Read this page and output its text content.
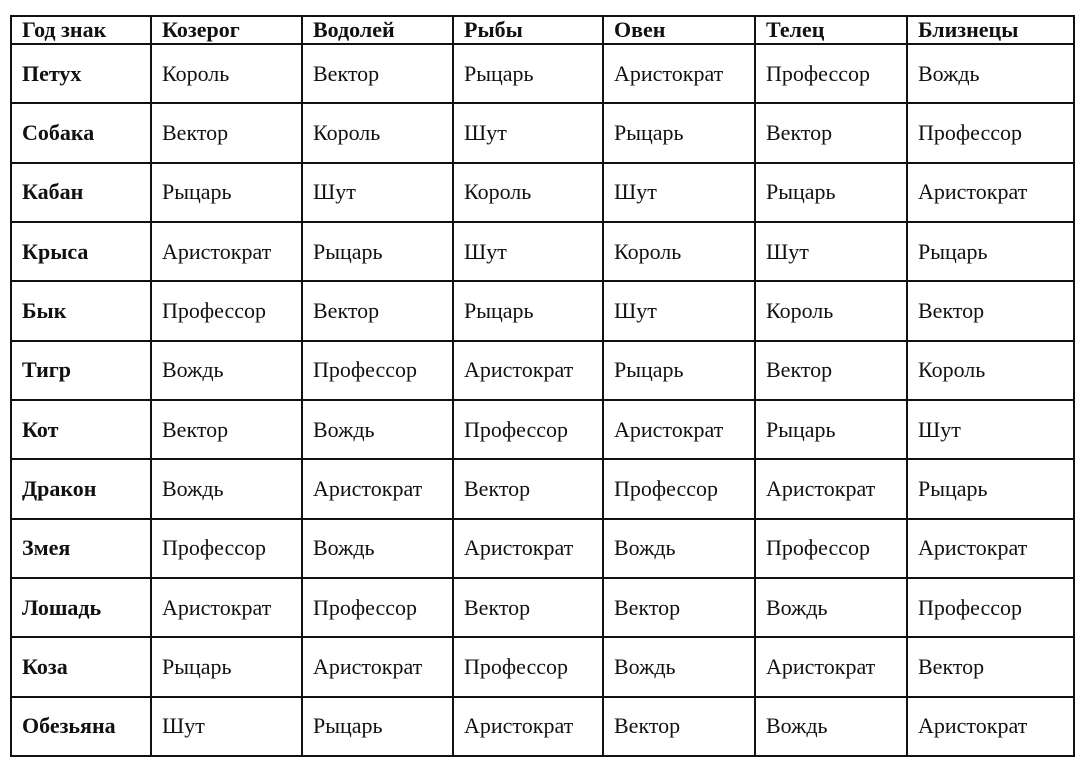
Год знак	Козерог	Водолей	Рыбы	Овен	Телец	Близнецы
Петух	Король	Вектор	Рыцарь	Аристократ	Профессор	Вождь
Собака	Вектор	Король	Шут	Рыцарь	Вектор	Профессор
Кабан	Рыцарь	Шут	Король	Шут	Рыцарь	Аристократ
Крыса	Аристократ	Рыцарь	Шут	Король	Шут	Рыцарь
Бык	Профессор	Вектор	Рыцарь	Шут	Король	Вектор
Тигр	Вождь	Профессор	Аристократ	Рыцарь	Вектор	Король
Кот	Вектор	Вождь	Профессор	Аристократ	Рыцарь	Шут
Дракон	Вождь	Аристократ	Вектор	Профессор	Аристократ	Рыцарь
Змея	Профессор	Вождь	Аристократ	Вождь	Профессор	Аристократ
Лошадь	Аристократ	Профессор	Вектор	Вектор	Вождь	Профессор
Коза	Рыцарь	Аристократ	Профессор	Вождь	Аристократ	Вектор
Обезьяна	Шут	Рыцарь	Аристократ	Вектор	Вождь	Аристократ
